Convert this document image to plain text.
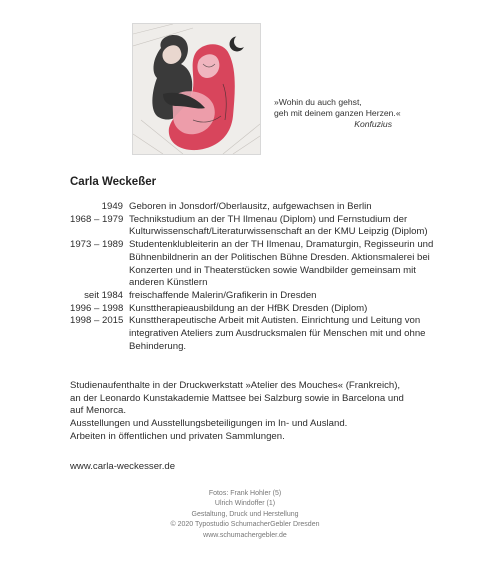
»Wohin du auch gehst,
geh mit deinem ganzen Herzen.«
Konfuzius
Carla Weckeßer
1949 Geboren in Jonsdorf/Oberlausitz, aufgewachsen in Berlin
1968 – 1979 Technikstudium an der TH Ilmenau (Diplom) und Fernstudium der Kulturwissenschaft/Literaturwissenschaft an der KMU Leipzig (Diplom)
1973 – 1989 Studentenklubleiterin an der TH Ilmenau, Dramaturgin, Regisseurin und Bühnenbildnerin an der Politischen Bühne Dresden. Aktionsmalerei bei Konzerten und in Theaterstücken sowie Wandbilder gemeinsam mit anderen Künstlern
seit 1984 freischaffende Malerin/Grafikerin in Dresden
1996 – 1998 Kunsttherapieausbildung an der HfBK Dresden (Diplom)
1998 – 2015 Kunsttherapeutische Arbeit mit Autisten. Einrichtung und Leitung von integrativen Ateliers zum Ausdrucksmalen für Menschen mit und ohne Behinderung.
Studienaufenthalte in der Druckwerkstatt »Atelier des Mouches« (Frankreich),
an der Leonardo Kunstakademie Mattsee bei Salzburg sowie in Barcelona und
auf Menorca.
Ausstellungen und Ausstellungsbeteiligungen im In- und Ausland.
Arbeiten in öffentlichen und privaten Sammlungen.
www.carla-weckesser.de
Fotos: Frank Hohler (5)
Ulrich Windoffer (1)
Gestaltung, Druck und Herstellung
© 2020 Typostudio SchumacherGebler Dresden
www.schumachergebler.de
